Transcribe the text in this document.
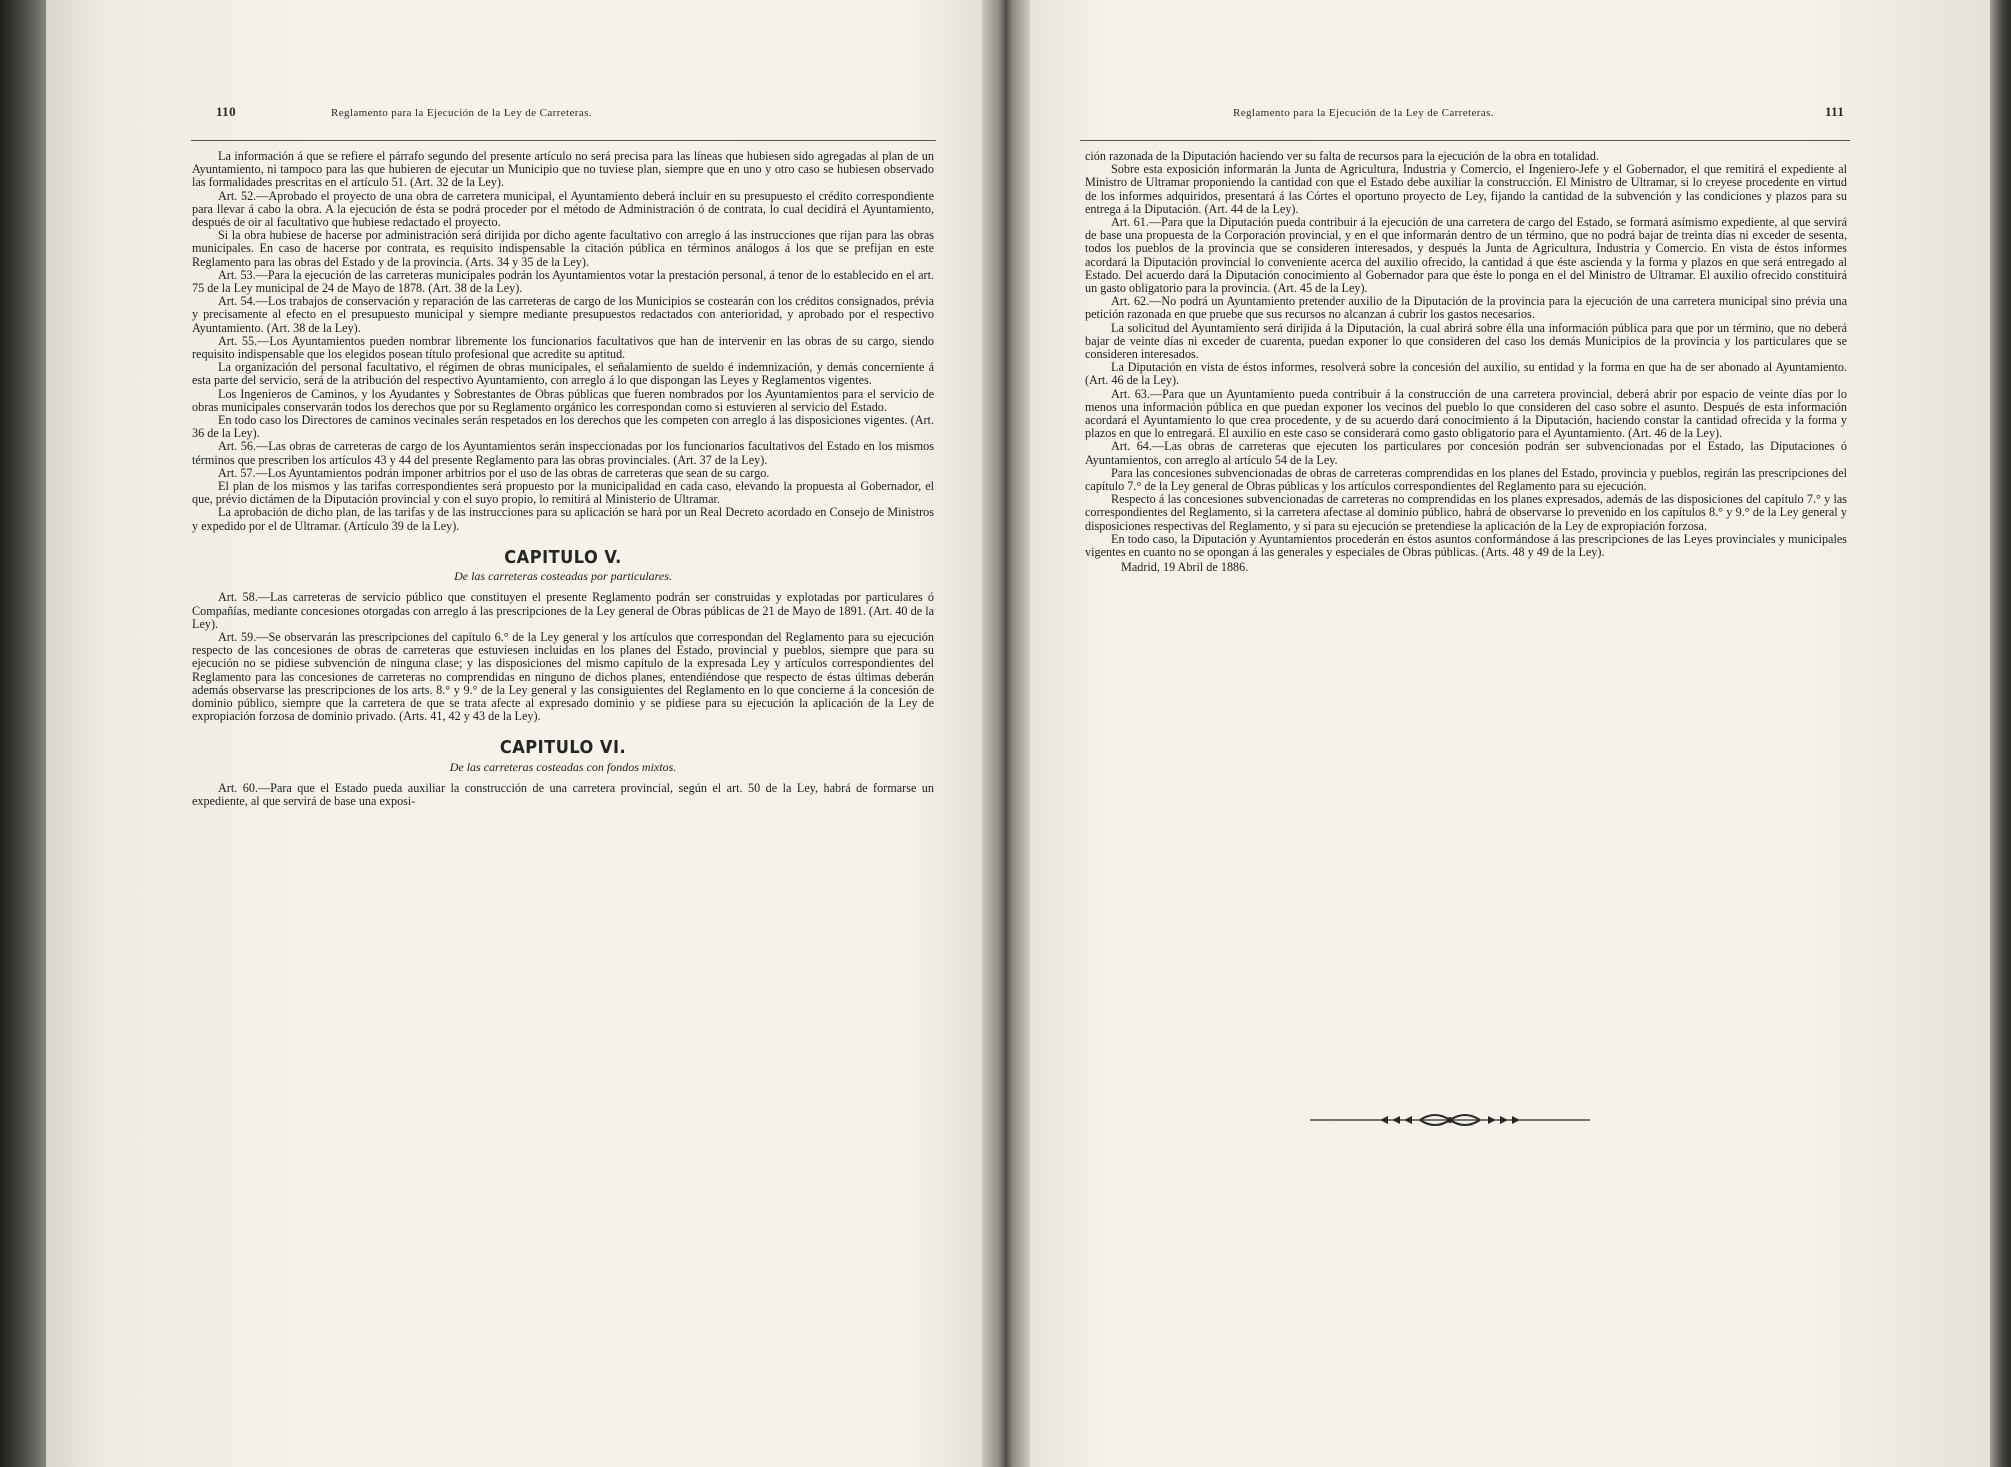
110	Reglamento para la Ejecución de la Ley de Carreteras.

La información á que se refiere el párrafo segundo del presente artículo no será precisa para las líneas que hubiesen sido agregadas al plan de un Ayuntamiento, ni tampoco para las que hubieren de ejecutar un Municipio que no tuviese plan, siempre que en uno y otro caso se hubiesen observado las formalidades prescritas en el artículo 51. (Art. 32 de la Ley).

Art. 52.—Aprobado el proyecto de una obra de carretera municipal, el Ayuntamiento deberá incluir en su presupuesto el crédito correspondiente para llevar á cabo la obra. A la ejecución de ésta se podrá proceder por el método de Administración ó de contrata, lo cual decidirá el Ayuntamiento, después de oir al facultativo que hubiese redactado el proyecto.

Si la obra hubiese de hacerse por administración será dirijida por dicho agente facultativo con arreglo á las instrucciones que rijan para las obras municipales. En caso de hacerse por contrata, es requisito indispensable la citación pública en términos análogos á los que se prefijan en este Reglamento para las obras del Estado y de la provincia. (Arts. 34 y 35 de la Ley).

Art. 53.—Para la ejecución de las carreteras municipales podrán los Ayuntamientos votar la prestación personal, á tenor de lo establecido en el art. 75 de la Ley municipal de 24 de Mayo de 1878. (Art. 38 de la Ley).

Art. 54.—Los trabajos de conservación y reparación de las carreteras de cargo de los Municipios se costearán con los créditos consignados, prévia y precisamente al efecto en el presupuesto municipal y siempre mediante presupuestos redactados con anterioridad, y aprobado por el respectivo Ayuntamiento. (Art. 38 de la Ley).

Art. 55.—Los Ayuntamientos pueden nombrar libremente los funcionarios facultativos que han de intervenir en las obras de su cargo, siendo requisito indispensable que los elegidos posean título profesional que acredite su aptitud.

La organización del personal facultativo, el régimen de obras municipales, el señalamiento de sueldo é indemnización, y demás concerniente á esta parte del servicio, será de la atribución del respectivo Ayuntamiento, con arreglo á lo que dispongan las Leyes y Reglamentos vigentes.

Los Ingenieros de Caminos, y los Ayudantes y Sobrestantes de Obras públicas que fueren nombrados por los Ayuntamientos para el servicio de obras municipales conservarán todos los derechos que por su Reglamento orgánico les correspondan como si estuvieren al servicio del Estado.

En todo caso los Directores de caminos vecinales serán respetados en los derechos que les competen con arreglo á las disposiciones vigentes. (Art. 36 de la Ley).

Art. 56.—Las obras de carreteras de cargo de los Ayuntamientos serán inspeccionadas por los funcionarios facultativos del Estado en los mismos términos que prescriben los artículos 43 y 44 del presente Reglamento para las obras provinciales. (Art. 37 de la Ley).

Art. 57.—Los Ayuntamientos podrán imponer arbitrios por el uso de las obras de carreteras que sean de su cargo.

El plan de los mismos y las tarifas correspondientes será propuesto por la municipalidad en cada caso, elevando la propuesta al Gobernador, el que, prévio dictámen de la Diputación provincial y con el suyo propio, lo remitirá al Ministerio de Ultramar.

La aprobación de dicho plan, de las tarifas y de las instrucciones para su aplicación se hará por un Real Decreto acordado en Consejo de Ministros y expedido por el de Ultramar. (Artículo 39 de la Ley).

CAPITULO V.
De las carreteras costeadas por particulares.

Art. 58.—Las carreteras de servicio público que constituyen el presente Reglamento podrán ser construidas y explotadas por particulares ó Compañías, mediante concesiones otorgadas con arreglo á las prescripciones de la Ley general de Obras públicas de 21 de Mayo de 1891. (Art. 40 de la Ley).

Art. 59.—Se observarán las prescripciones del capítulo 6.° de la Ley general y los artículos que correspondan del Reglamento para su ejecución respecto de las concesiones de obras de carreteras que estuviesen incluidas en los planes del Estado, provincial y pueblos, siempre que para su ejecución no se pidiese subvención de ninguna clase; y las disposiciones del mismo capítulo de la expresada Ley y artículos correspondientes del Reglamento para las concesiones de carreteras no comprendidas en ninguno de dichos planes, entendiéndose que respecto de éstas últimas deberán además observarse las prescripciones de los arts. 8.° y 9.° de la Ley general y las consiguientes del Reglamento en lo que concierne á la concesión de dominio público, siempre que la carretera de que se trata afecte al expresado dominio y se pidiese para su ejecución la aplicación de la Ley de expropiación forzosa de dominio privado. (Arts. 41, 42 y 43 de la Ley).

CAPITULO VI.
De las carreteras costeadas con fondos mixtos.

Art. 60.—Para que el Estado pueda auxiliar la construcción de una carretera provincial, según el art. 50 de la Ley, habrá de formarse un expediente, al que servirá de base una exposi-

Reglamento para la Ejecución de la Ley de Carreteras.	111

ción razonada de la Diputación haciendo ver su falta de recursos para la ejecución de la obra en totalidad.

Sobre esta exposición informarán la Junta de Agricultura, Industria y Comercio, el Ingeniero-Jefe y el Gobernador, el que remitirá el expediente al Ministro de Ultramar proponiendo la cantidad con que el Estado debe auxiliar la construcción. El Ministro de Ultramar, si lo creyese procedente en virtud de los informes adquiridos, presentará á las Córtes el oportuno proyecto de Ley, fijando la cantidad de la subvención y las condiciones y plazos para su entrega á la Diputación. (Art. 44 de la Ley).

Art. 61.—Para que la Diputación pueda contribuir á la ejecución de una carretera de cargo del Estado, se formará asímismo expediente, al que servirá de base una propuesta de la Corporación provincial, y en el que informarán dentro de un término, que no podrá bajar de treinta días ni exceder de sesenta, todos los pueblos de la provincia que se consideren interesados, y después la Junta de Agricultura, Industria y Comercio. En vista de éstos informes acordará la Diputación provincial lo conveniente acerca del auxilio ofrecido, la cantidad á que éste ascienda y la forma y plazos en que será entregado al Estado. Del acuerdo dará la Diputación conocimiento al Gobernador para que éste lo ponga en el del Ministro de Ultramar. El auxilio ofrecido constituirá un gasto obligatorio para la provincia. (Art. 45 de la Ley).

Art. 62.—No podrá un Ayuntamiento pretender auxilio de la Diputación de la provincia para la ejecución de una carretera municipal sino prévia una petición razonada en que pruebe que sus recursos no alcanzan á cubrir los gastos necesarios.

La solicitud del Ayuntamiento será dirijida á la Diputación, la cual abrirá sobre élla una información pública para que por un término, que no deberá bajar de veinte días ni exceder de cuarenta, puedan exponer lo que consideren del caso los demás Municipios de la provincia y los particulares que se consideren interesados.

La Diputación en vista de éstos informes, resolverá sobre la concesión del auxilio, su entidad y la forma en que ha de ser abonado al Ayuntamiento. (Art. 46 de la Ley).

Art. 63.—Para que un Ayuntamiento pueda contribuir á la construcción de una carretera provincial, deberá abrir por espacio de veinte días por lo menos una información pública en que puedan exponer los vecinos del pueblo lo que consideren del caso sobre el asunto. Después de esta información acordará el Ayuntamiento lo que crea procedente, y de su acuerdo dará conocimiento á la Diputación, haciendo constar la cantidad ofrecida y la forma y plazos en que lo entregará. El auxilio en este caso se considerará como gasto obligatorio para el Ayuntamiento. (Art. 46 de la Ley).

Art. 64.—Las obras de carreteras que ejecuten los particulares por concesión podrán ser subvencionadas por el Estado, las Diputaciones ó Ayuntamientos, con arreglo al artículo 54 de la Ley.

Para las concesiones subvencionadas de obras de carreteras comprendidas en los planes del Estado, provincia y pueblos, regirán las prescripciones del capítulo 7.° de la Ley general de Obras públicas y los artículos correspondientes del Reglamento para su ejecución.

Respecto á las concesiones subvencionadas de carreteras no comprendidas en los planes expresados, además de las disposiciones del capítulo 7.° y las correspondientes del Reglamento, si la carretera afectase al dominio público, habrá de observarse lo prevenido en los capítulos 8.° y 9.° de la Ley general y disposiciones respectivas del Reglamento, y si para su ejecución se pretendiese la aplicación de la Ley de expropiación forzosa.

En todo caso, la Diputación y Ayuntamientos procederán en éstos asuntos conformándose á las prescripciones de las Leyes provinciales y municipales vigentes en cuanto no se opongan á las generales y especiales de Obras públicas. (Arts. 48 y 49 de la Ley).

Madrid, 19 Abril de 1886.
